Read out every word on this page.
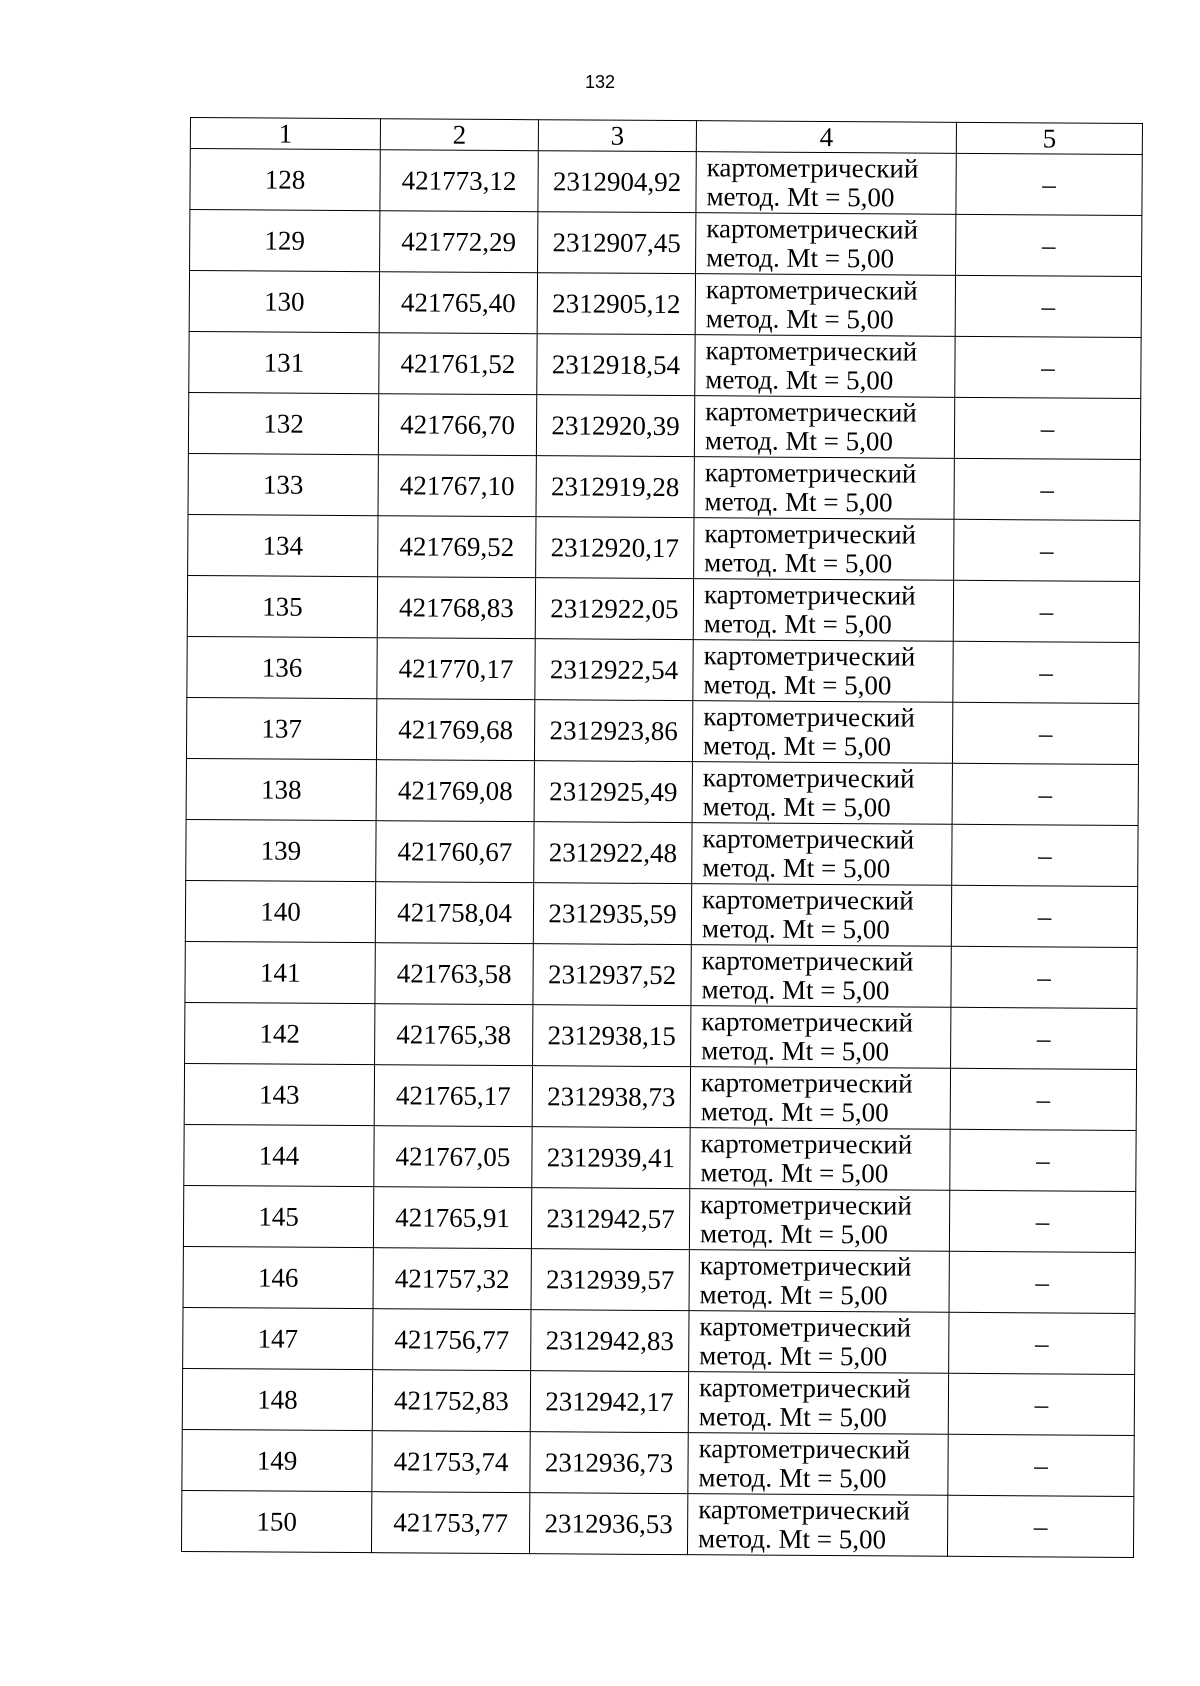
132
1	2	3	4	5
128	421773,12	2312904,92	картометрический
метод. Mt = 5,00	–
129	421772,29	2312907,45	картометрический
метод. Mt = 5,00	–
130	421765,40	2312905,12	картометрический
метод. Mt = 5,00	–
131	421761,52	2312918,54	картометрический
метод. Mt = 5,00	–
132	421766,70	2312920,39	картометрический
метод. Mt = 5,00	–
133	421767,10	2312919,28	картометрический
метод. Mt = 5,00	–
134	421769,52	2312920,17	картометрический
метод. Mt = 5,00	–
135	421768,83	2312922,05	картометрический
метод. Mt = 5,00	–
136	421770,17	2312922,54	картометрический
метод. Mt = 5,00	–
137	421769,68	2312923,86	картометрический
метод. Mt = 5,00	–
138	421769,08	2312925,49	картометрический
метод. Mt = 5,00	–
139	421760,67	2312922,48	картометрический
метод. Mt = 5,00	–
140	421758,04	2312935,59	картометрический
метод. Mt = 5,00	–
141	421763,58	2312937,52	картометрический
метод. Mt = 5,00	–
142	421765,38	2312938,15	картометрический
метод. Mt = 5,00	–
143	421765,17	2312938,73	картометрический
метод. Mt = 5,00	–
144	421767,05	2312939,41	картометрический
метод. Mt = 5,00	–
145	421765,91	2312942,57	картометрический
метод. Mt = 5,00	–
146	421757,32	2312939,57	картометрический
метод. Mt = 5,00	–
147	421756,77	2312942,83	картометрический
метод. Mt = 5,00	–
148	421752,83	2312942,17	картометрический
метод. Mt = 5,00	–
149	421753,74	2312936,73	картометрический
метод. Mt = 5,00	–
150	421753,77	2312936,53	картометрический
метод. Mt = 5,00	–
